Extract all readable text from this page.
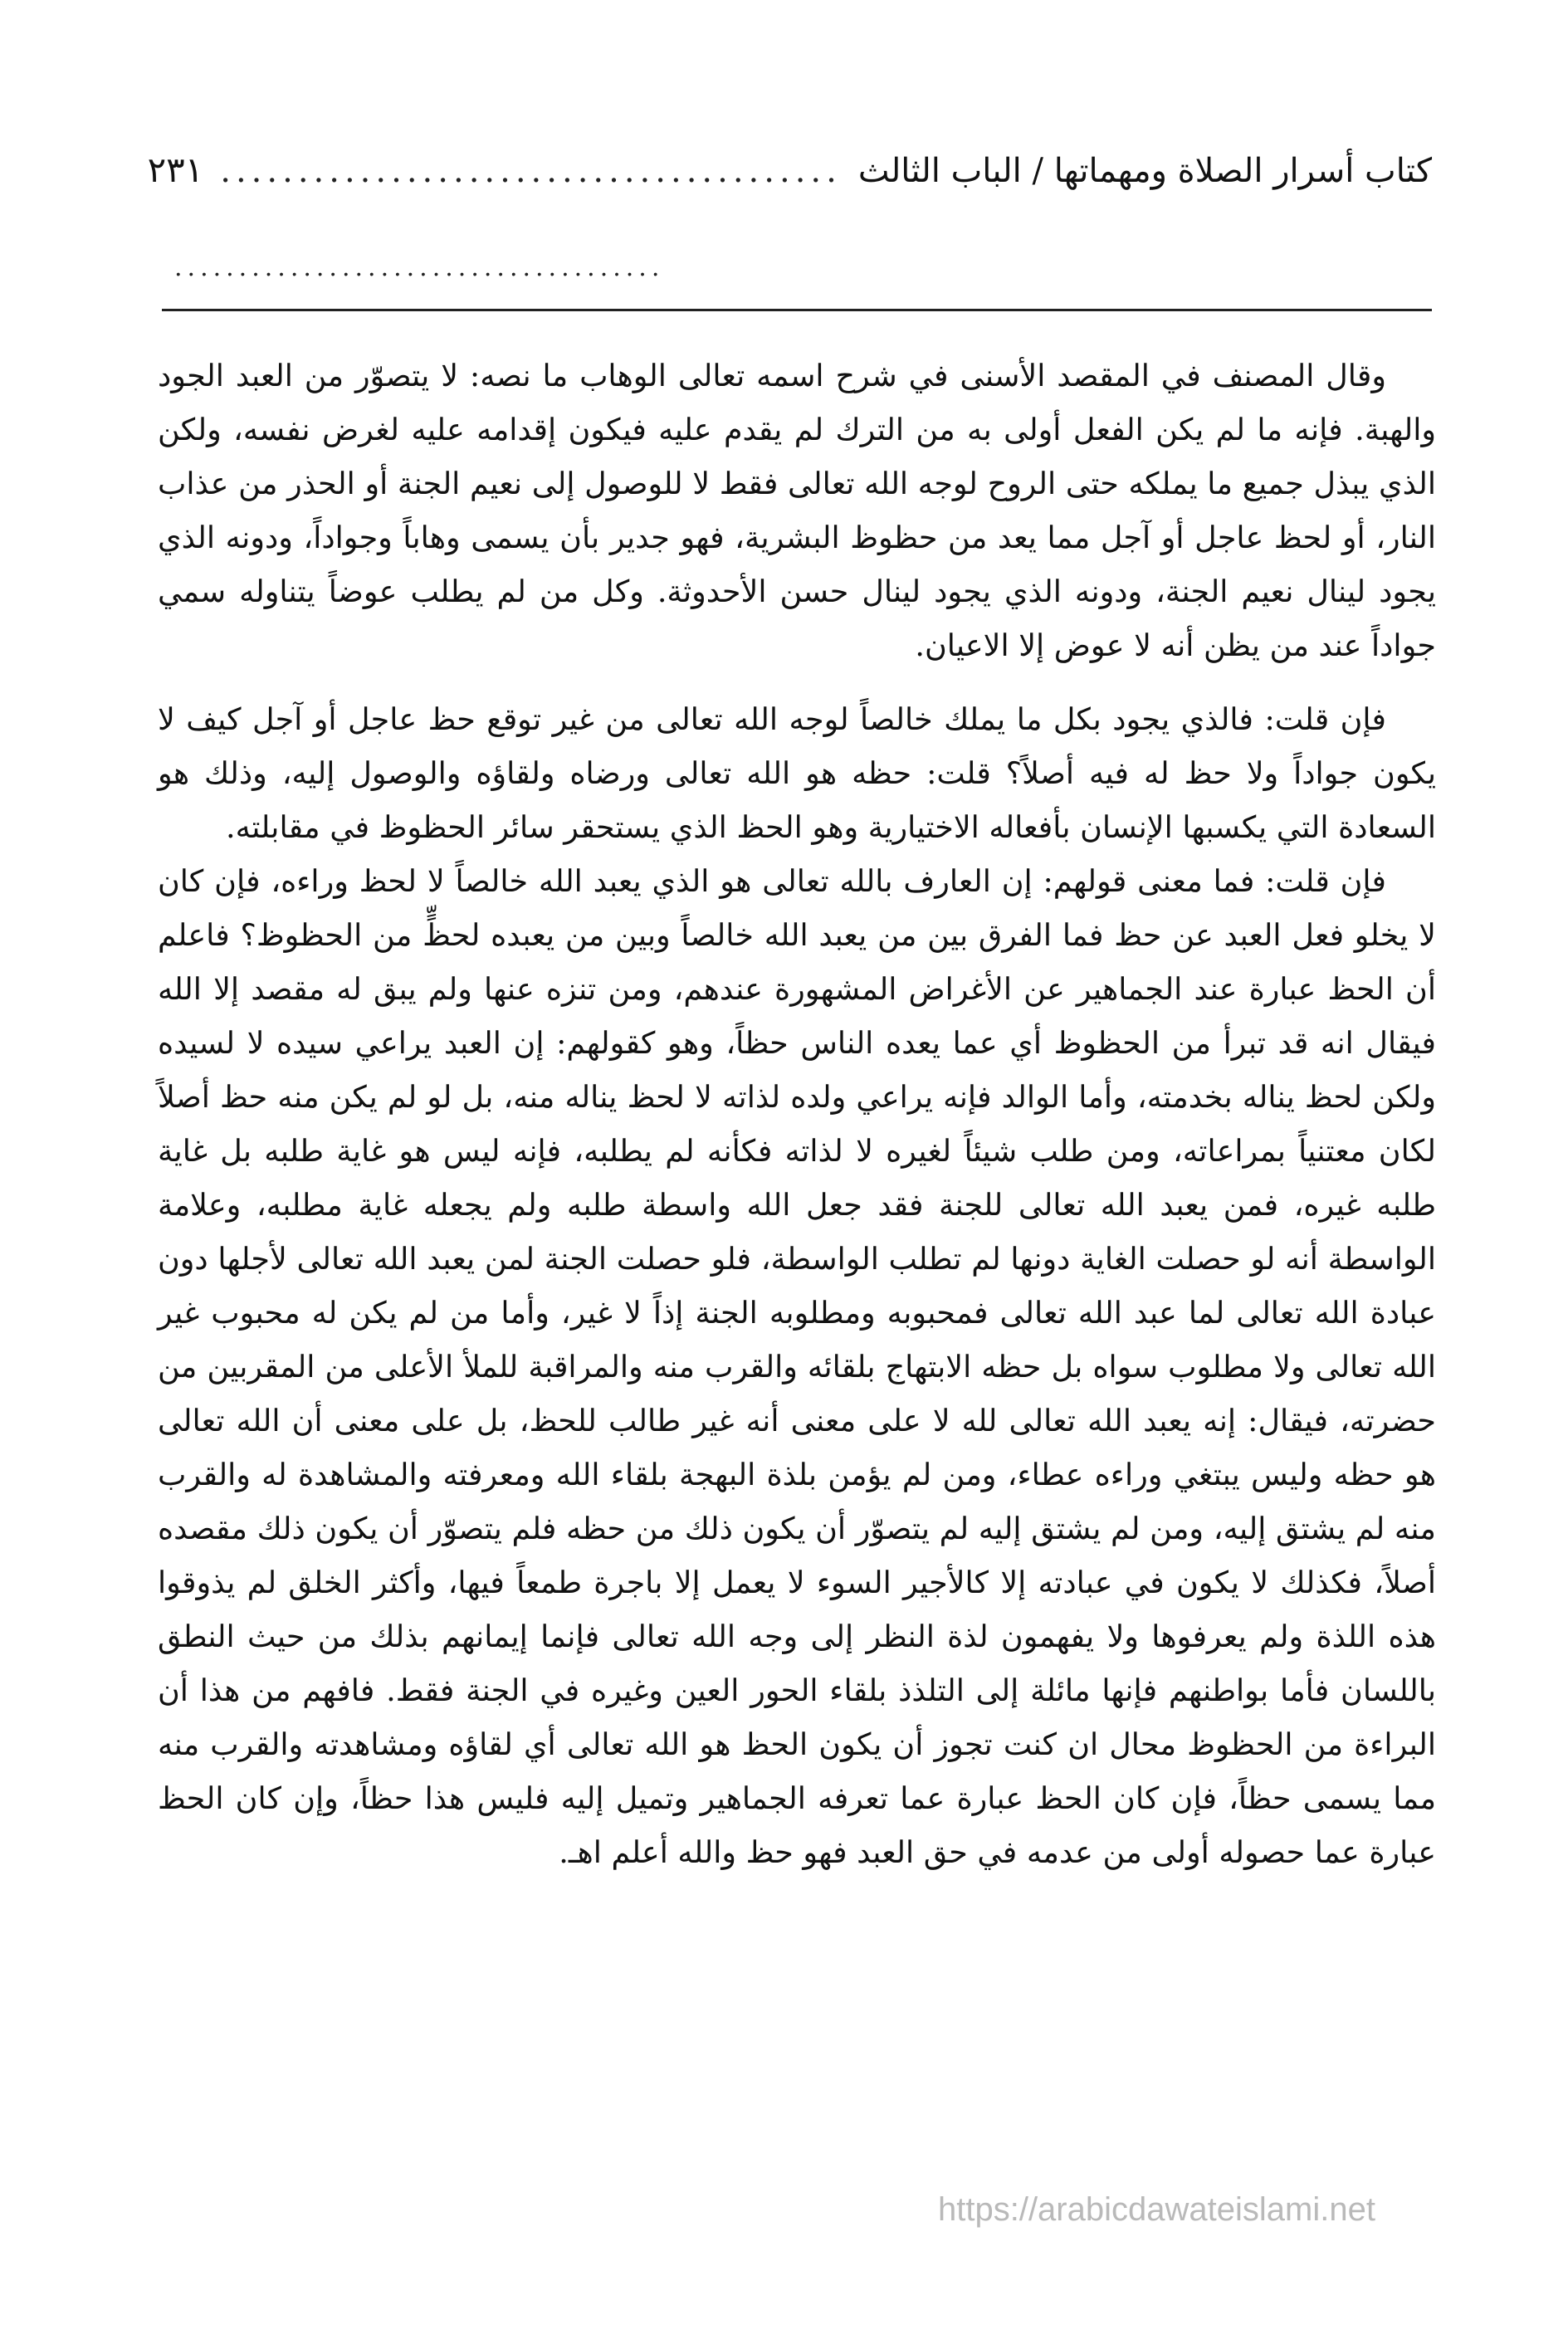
كتاب أسرار الصلاة ومهماتها / الباب الثالث
........................................
٢٣١
......................................

وقال المصنف في المقصد الأسنى في شرح اسمه تعالى الوهاب ما نصه: لا يتصوّر من العبد الجود والهبة. فإنه ما لم يكن الفعل أولى به من الترك لم يقدم عليه فيكون إقدامه عليه لغرض نفسه، ولكن الذي يبذل جميع ما يملكه حتى الروح لوجه الله تعالى فقط لا للوصول إلى نعيم الجنة أو الحذر من عذاب النار، أو لحظ عاجل أو آجل مما يعد من حظوظ البشرية، فهو جدير بأن يسمى وهاباً وجواداً، ودونه الذي يجود لينال نعيم الجنة، ودونه الذي يجود لينال حسن الأحدوثة. وكل من لم يطلب عوضاً يتناوله سمي جواداً عند من يظن أنه لا عوض إلا الاعيان.

فإن قلت: فالذي يجود بكل ما يملك خالصاً لوجه الله تعالى من غير توقع حظ عاجل أو آجل كيف لا يكون جواداً ولا حظ له فيه أصلاً؟ قلت: حظه هو الله تعالى ورضاه ولقاؤه والوصول إليه، وذلك هو السعادة التي يكسبها الإنسان بأفعاله الاختيارية وهو الحظ الذي يستحقر سائر الحظوظ في مقابلته.

فإن قلت: فما معنى قولهم: إن العارف بالله تعالى هو الذي يعبد الله خالصاً لا لحظ وراءه، فإن كان لا يخلو فعل العبد عن حظ فما الفرق بين من يعبد الله خالصاً وبين من يعبده لحظٍّ من الحظوظ؟ فاعلم أن الحظ عبارة عند الجماهير عن الأغراض المشهورة عندهم، ومن تنزه عنها ولم يبق له مقصد إلا الله فيقال انه قد تبرأ من الحظوظ أي عما يعده الناس حظاً، وهو كقولهم: إن العبد يراعي سيده لا لسيده ولكن لحظ يناله بخدمته، وأما الوالد فإنه يراعي ولده لذاته لا لحظ يناله منه، بل لو لم يكن منه حظ أصلاً لكان معتنياً بمراعاته، ومن طلب شيئاً لغيره لا لذاته فكأنه لم يطلبه، فإنه ليس هو غاية طلبه بل غاية طلبه غيره، فمن يعبد الله تعالى للجنة فقد جعل الله واسطة طلبه ولم يجعله غاية مطلبه، وعلامة الواسطة أنه لو حصلت الغاية دونها لم تطلب الواسطة، فلو حصلت الجنة لمن يعبد الله تعالى لأجلها دون عبادة الله تعالى لما عبد الله تعالى فمحبوبه ومطلوبه الجنة إذاً لا غير، وأما من لم يكن له محبوب غير الله تعالى ولا مطلوب سواه بل حظه الابتهاج بلقائه والقرب منه والمراقبة للملأ الأعلى من المقربين من حضرته، فيقال: إنه يعبد الله تعالى لله لا على معنى أنه غير طالب للحظ، بل على معنى أن الله تعالى هو حظه وليس يبتغي وراءه عطاء، ومن لم يؤمن بلذة البهجة بلقاء الله ومعرفته والمشاهدة له والقرب منه لم يشتق إليه، ومن لم يشتق إليه لم يتصوّر أن يكون ذلك من حظه فلم يتصوّر أن يكون ذلك مقصده أصلاً، فكذلك لا يكون في عبادته إلا كالأجير السوء لا يعمل إلا باجرة طمعاً فيها، وأكثر الخلق لم يذوقوا هذه اللذة ولم يعرفوها ولا يفهمون لذة النظر إلى وجه الله تعالى فإنما إيمانهم بذلك من حيث النطق باللسان فأما بواطنهم فإنها مائلة إلى التلذذ بلقاء الحور العين وغيره في الجنة فقط. فافهم من هذا أن البراءة من الحظوظ محال ان كنت تجوز أن يكون الحظ هو الله تعالى أي لقاؤه ومشاهدته والقرب منه مما يسمى حظاً، فإن كان الحظ عبارة عما تعرفه الجماهير وتميل إليه فليس هذا حظاً، وإن كان الحظ عبارة عما حصوله أولى من عدمه في حق العبد فهو حظ والله أعلم اهـ.

https://arabicdawateislami.net
